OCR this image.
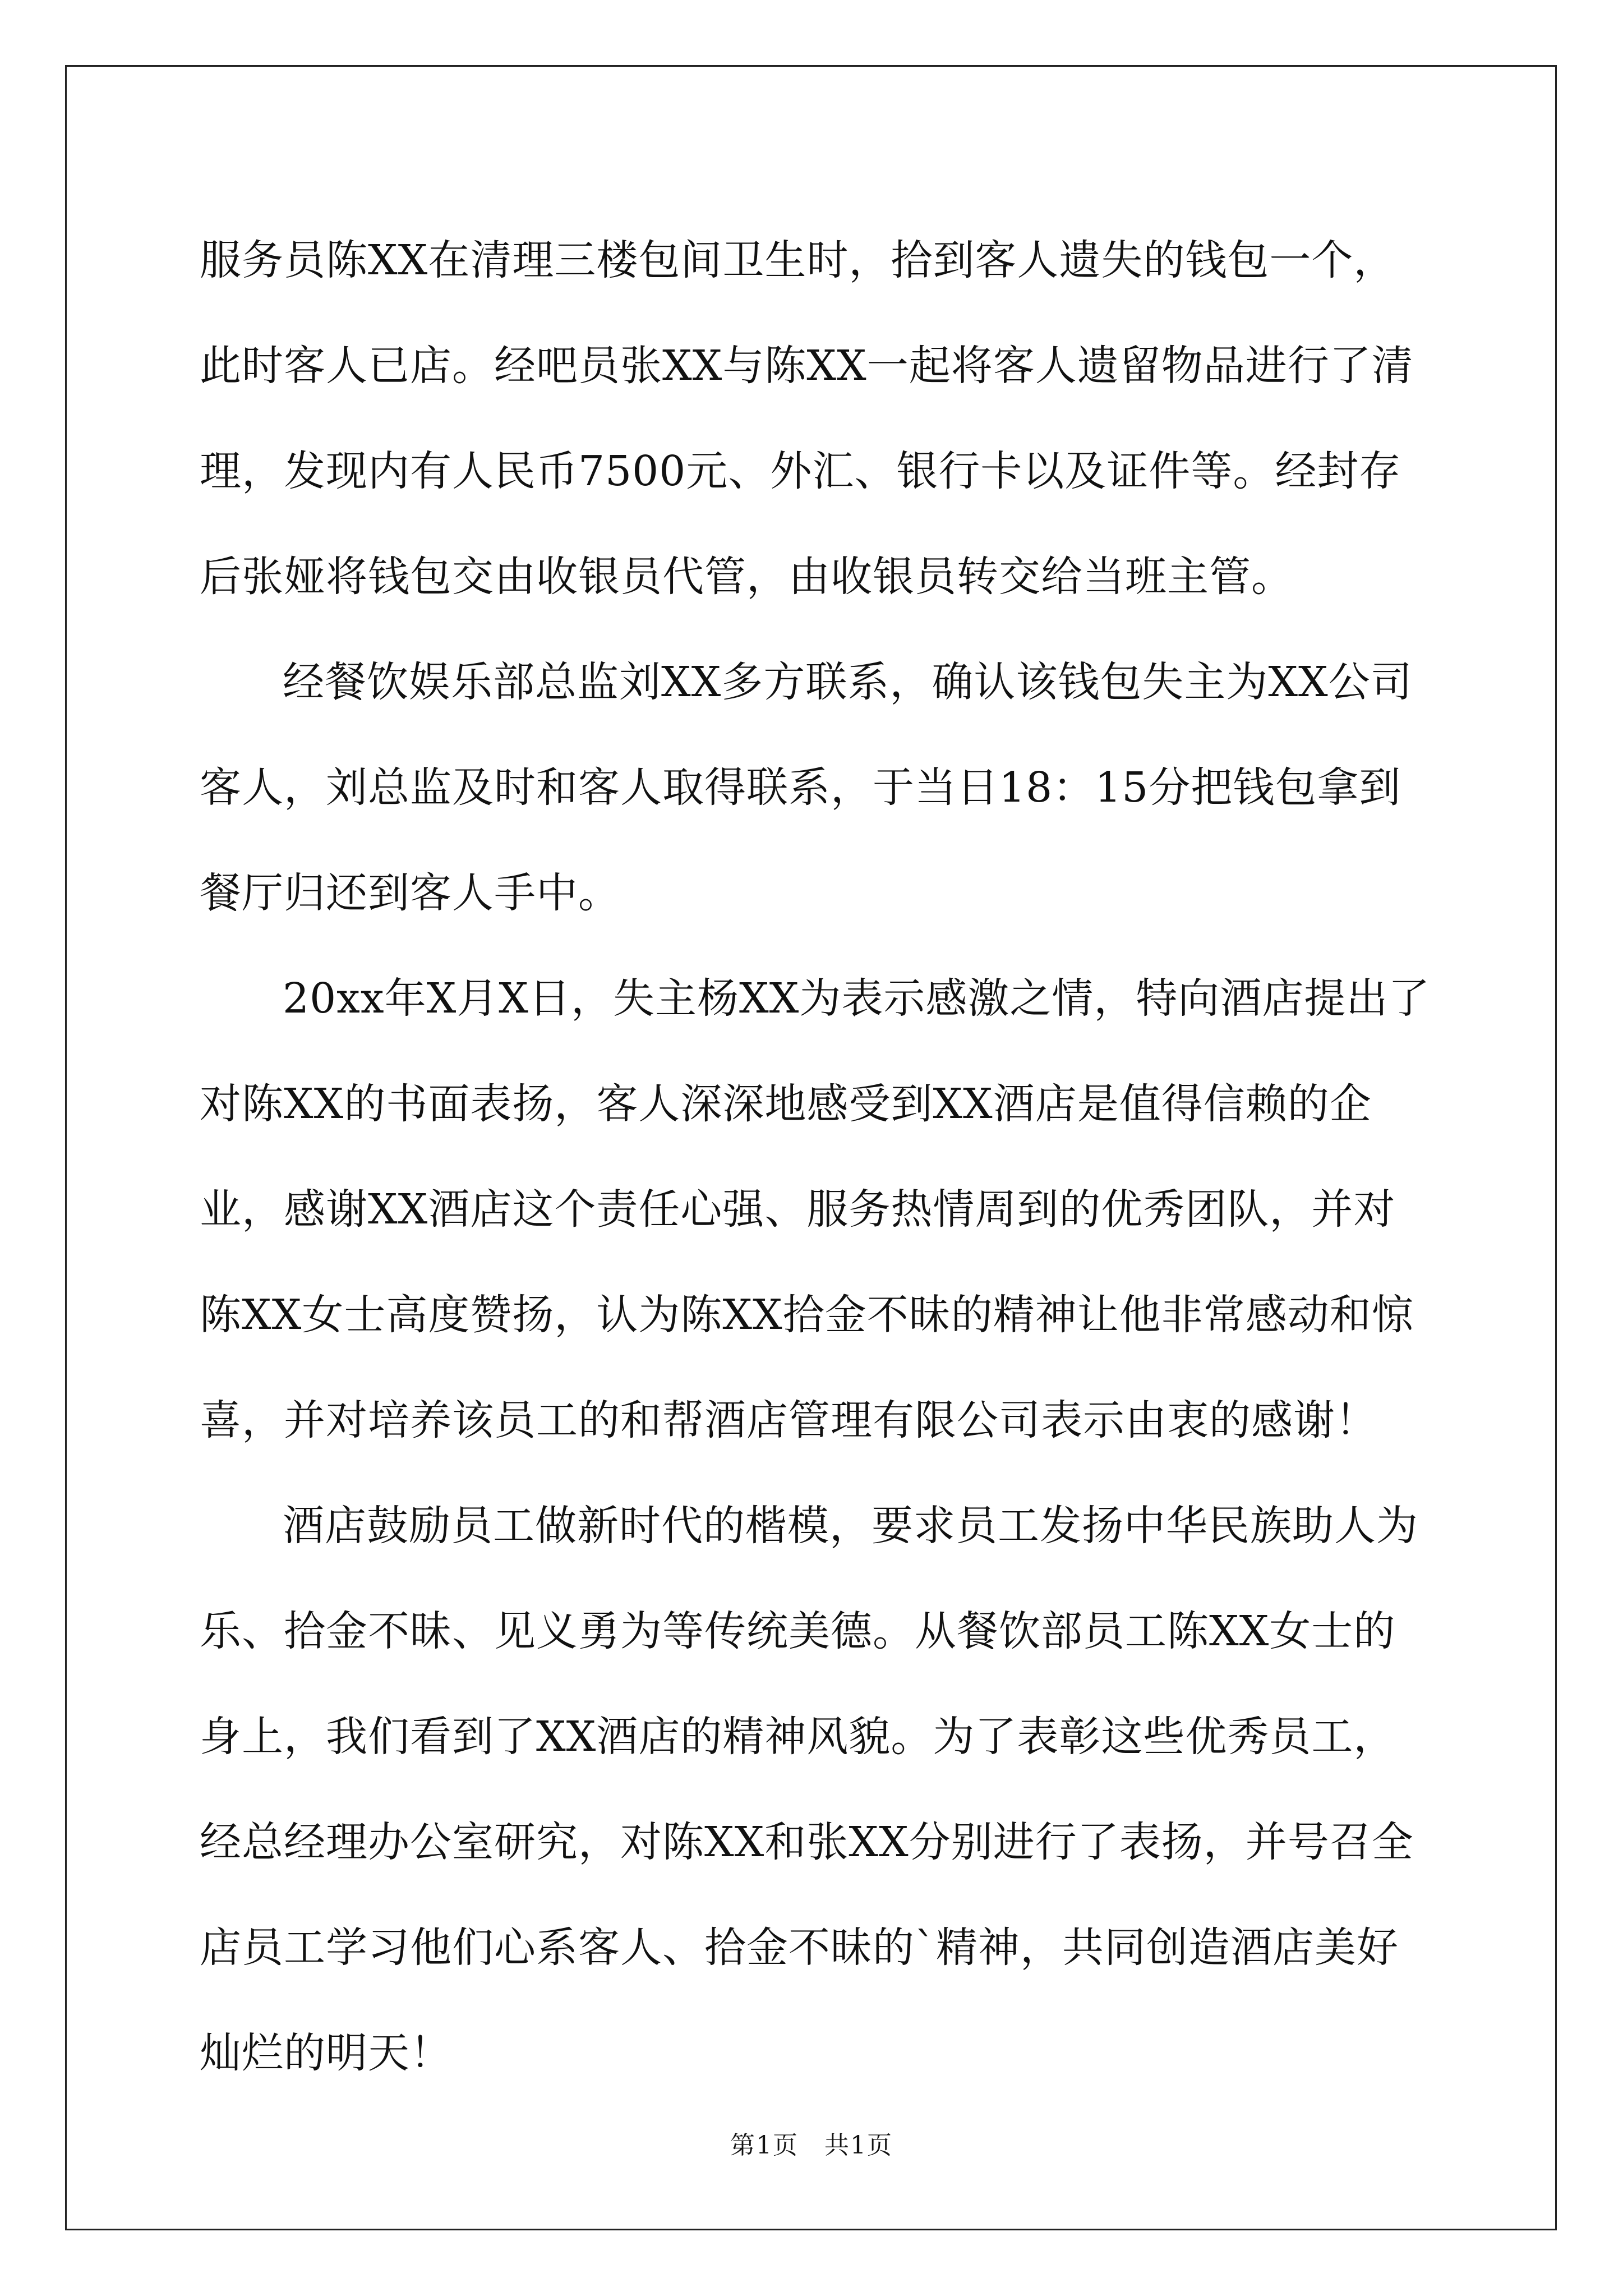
服务员陈XX在清理三楼包间卫生时，拾到客人遗失的钱包一个，此时客人已店。经吧员张XX与陈XX一起将客人遗留物品进行了清理，发现内有人民币7500元、外汇、银行卡以及证件等。经封存后张娅将钱包交由收银员代管，由收银员转交给当班主管。

经餐饮娱乐部总监刘XX多方联系，确认该钱包失主为XX公司客人，刘总监及时和客人取得联系，于当日18：15分把钱包拿到餐厅归还到客人手中。

20xx年X月X日，失主杨XX为表示感激之情，特向酒店提出了对陈XX的书面表扬，客人深深地感受到XX酒店是值得信赖的企业，感谢XX酒店这个责任心强、服务热情周到的优秀团队，并对陈XX女士高度赞扬，认为陈XX拾金不昧的精神让他非常感动和惊喜，并对培养该员工的和帮酒店管理有限公司表示由衷的感谢！

酒店鼓励员工做新时代的楷模，要求员工发扬中华民族助人为乐、拾金不昧、见义勇为等传统美德。从餐饮部员工陈XX女士的身上，我们看到了XX酒店的精神风貌。为了表彰这些优秀员工，经总经理办公室研究，对陈XX和张XX分别进行了表扬，并号召全店员工学习他们心系客人、拾金不昧的`精神，共同创造酒店美好灿烂的明天！

第1页　共1页
